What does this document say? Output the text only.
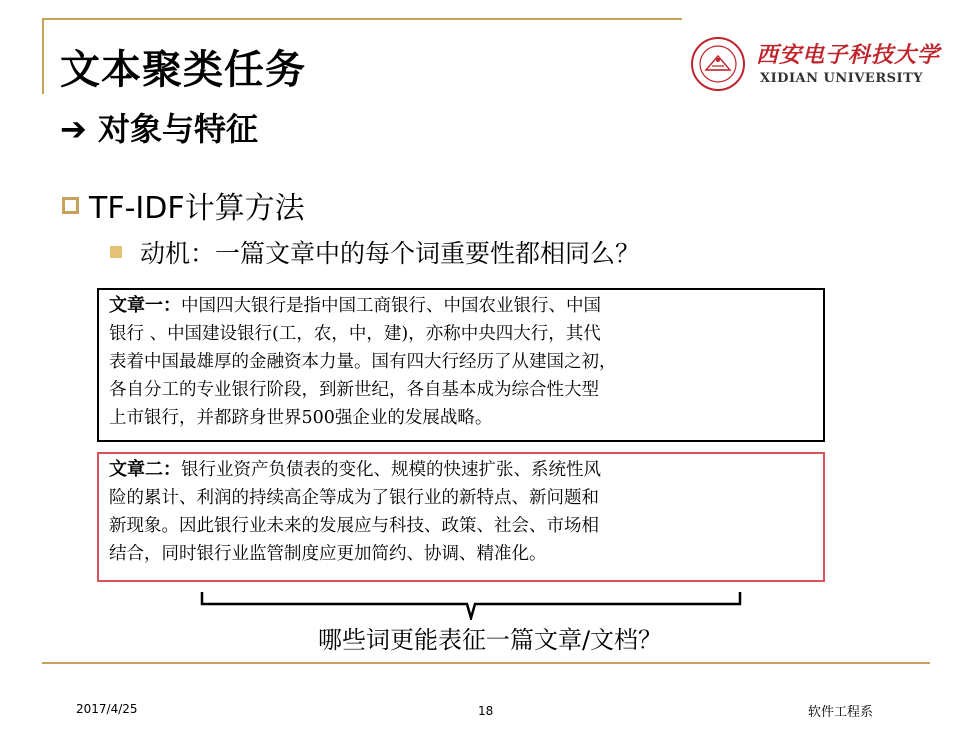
文本聚类任务
➔ 对象与特征
西安电子科技大学
XIDIAN UNIVERSITY
TF-IDF计算方法
动机：一篇文章中的每个词重要性都相同么？
文章一：中国四大银行是指中国工商银行、中国农业银行、中国
银行 、中国建设银行(工，农，中，建)，亦称中央四大行，其代
表着中国最雄厚的金融资本力量。国有四大行经历了从建国之初，
各自分工的专业银行阶段，到新世纪，各自基本成为综合性大型
上市银行，并都跻身世界500强企业的发展战略。
文章二：银行业资产负债表的变化、规模的快速扩张、系统性风
险的累计、利润的持续高企等成为了银行业的新特点、新问题和
新现象。因此银行业未来的发展应与科技、政策、社会、市场相
结合，同时银行业监管制度应更加简约、协调、精准化。
哪些词更能表征一篇文章/文档？
2017/4/25	18	软件工程系
